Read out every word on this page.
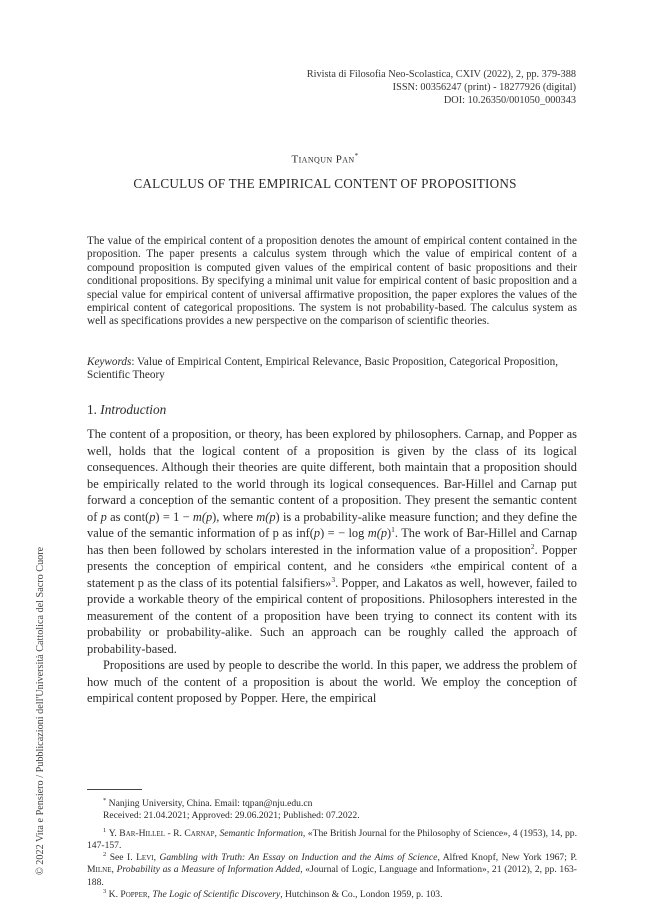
© 2022 Vita e Pensiero / Pubblicazioni dell'Università Cattolica del Sacro Cuore
Rivista di Filosofia Neo-Scolastica, CXIV (2022), 2, pp. 379-388
ISSN: 00356247 (print) - 18277926 (digital)
DOI: 10.26350/001050_000343
Tianqun Pan*
CALCULUS OF THE EMPIRICAL CONTENT OF PROPOSITIONS

The value of the empirical content of a proposition denotes the amount of empirical content contained in the proposition. The paper presents a calculus system through which the value of empirical content of a compound proposition is computed given values of the empirical content of basic propositions and their conditional propositions. By specifying a minimal unit value for empirical content of basic proposition and a special value for empirical content of universal affirmative proposition, the paper explores the values of the empirical content of categorical propositions. The system is not probability-based. The calculus system as well as specifications provides a new perspective on the comparison of scientific theories.

Keywords: Value of Empirical Content, Empirical Relevance, Basic Proposition, Categorical Proposition, Scientific Theory

1. Introduction

The content of a proposition, or theory, has been explored by philosophers. Carnap, and Popper as well, holds that the logical content of a proposition is given by the class of its logical consequences. Although their theories are quite different, both maintain that a proposition should be empirically related to the world through its logical consequences. Bar-Hillel and Carnap put forward a conception of the semantic content of a proposition. They present the semantic content of p as cont(p) = 1 − m(p), where m(p) is a probability-alike measure function; and they define the value of the semantic information of p as inf(p) = − $\log m(p)^1$. The work of Bar-Hillel and Carnap has then been followed by scholars interested in the information value of a proposition$^2$. Popper presents the conception of empirical content, and he considers «the empirical content of a statement p as the class of its potential falsifiers»$^3$. Popper, and Lakatos as well, however, failed to provide a workable theory of the empirical content of propositions. Philosophers interested in the measurement of the content of a proposition have been trying to connect its content with its probability or probability-alike. Such an approach can be roughly called the approach of probability-based.

Propositions are used by people to describe the world. In this paper, we address the problem of how much of the content of a proposition is about the world. We employ the conception of empirical content proposed by Popper. Here, the empirical

* Nanjing University, China. Email: tqpan@nju.edu.cn
Received: 21.04.2021; Approved: 29.06.2021; Published: 07.2022.

$^1$ Y. Bar-Hillel - R. Carnap, Semantic Information, «The British Journal for the Philosophy of Science», 4 (1953), 14, pp. 147-157.

$^2$ See I. Levi, Gambling with Truth: An Essay on Induction and the Aims of Science, Alfred Knopf, New York 1967; P. Milne, Probability as a Measure of Information Added, «Journal of Logic, Language and Information», 21 (2012), 2, pp. 163-188.

$^3$ K. Popper, The Logic of Scientific Discovery, Hutchinson & Co., London 1959, p. 103.
